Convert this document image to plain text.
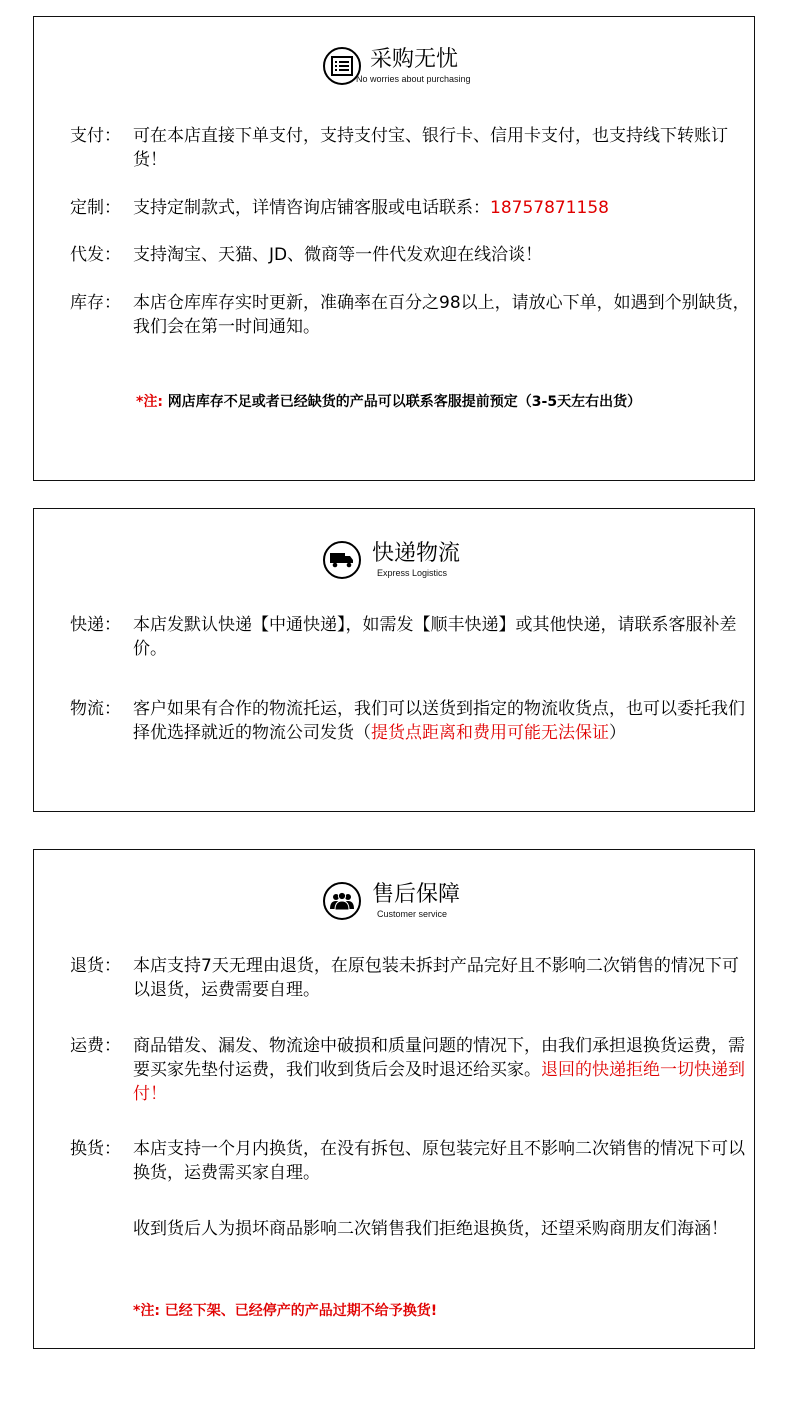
采购无忧
No worries about purchasing
支付： 可在本店直接下单支付，支持支付宝、银行卡、信用卡支付，也支持线下转账订货！
定制： 支持定制款式，详情咨询店铺客服或电话联系：18757871158
代发： 支持淘宝、天猫、JD、微商等一件代发欢迎在线洽谈！
库存： 本店仓库库存实时更新，准确率在百分之98以上，请放心下单，如遇到个别缺货，我们会在第一时间通知。
*注: 网店库存不足或者已经缺货的产品可以联系客服提前预定（3-5天左右出货）
快递物流
Express Logistics
快递： 本店发默认快递【中通快递】，如需发【顺丰快递】或其他快递，请联系客服补差价。
物流： 客户如果有合作的物流托运，我们可以送货到指定的物流收货点，也可以委托我们择优选择就近的物流公司发货（提货点距离和费用可能无法保证）
售后保障
Customer service
退货： 本店支持7天无理由退货，在原包装未拆封产品完好且不影响二次销售的情况下可以退货，运费需要自理。
运费： 商品错发、漏发、物流途中破损和质量问题的情况下，由我们承担退换货运费，需要买家先垫付运费，我们收到货后会及时退还给买家。退回的快递拒绝一切快递到付！
换货： 本店支持一个月内换货，在没有拆包、原包装完好且不影响二次销售的情况下可以换货，运费需买家自理。
收到货后人为损坏商品影响二次销售我们拒绝退换货，还望采购商朋友们海涵！
*注: 已经下架、已经停产的产品过期不给予换货!
